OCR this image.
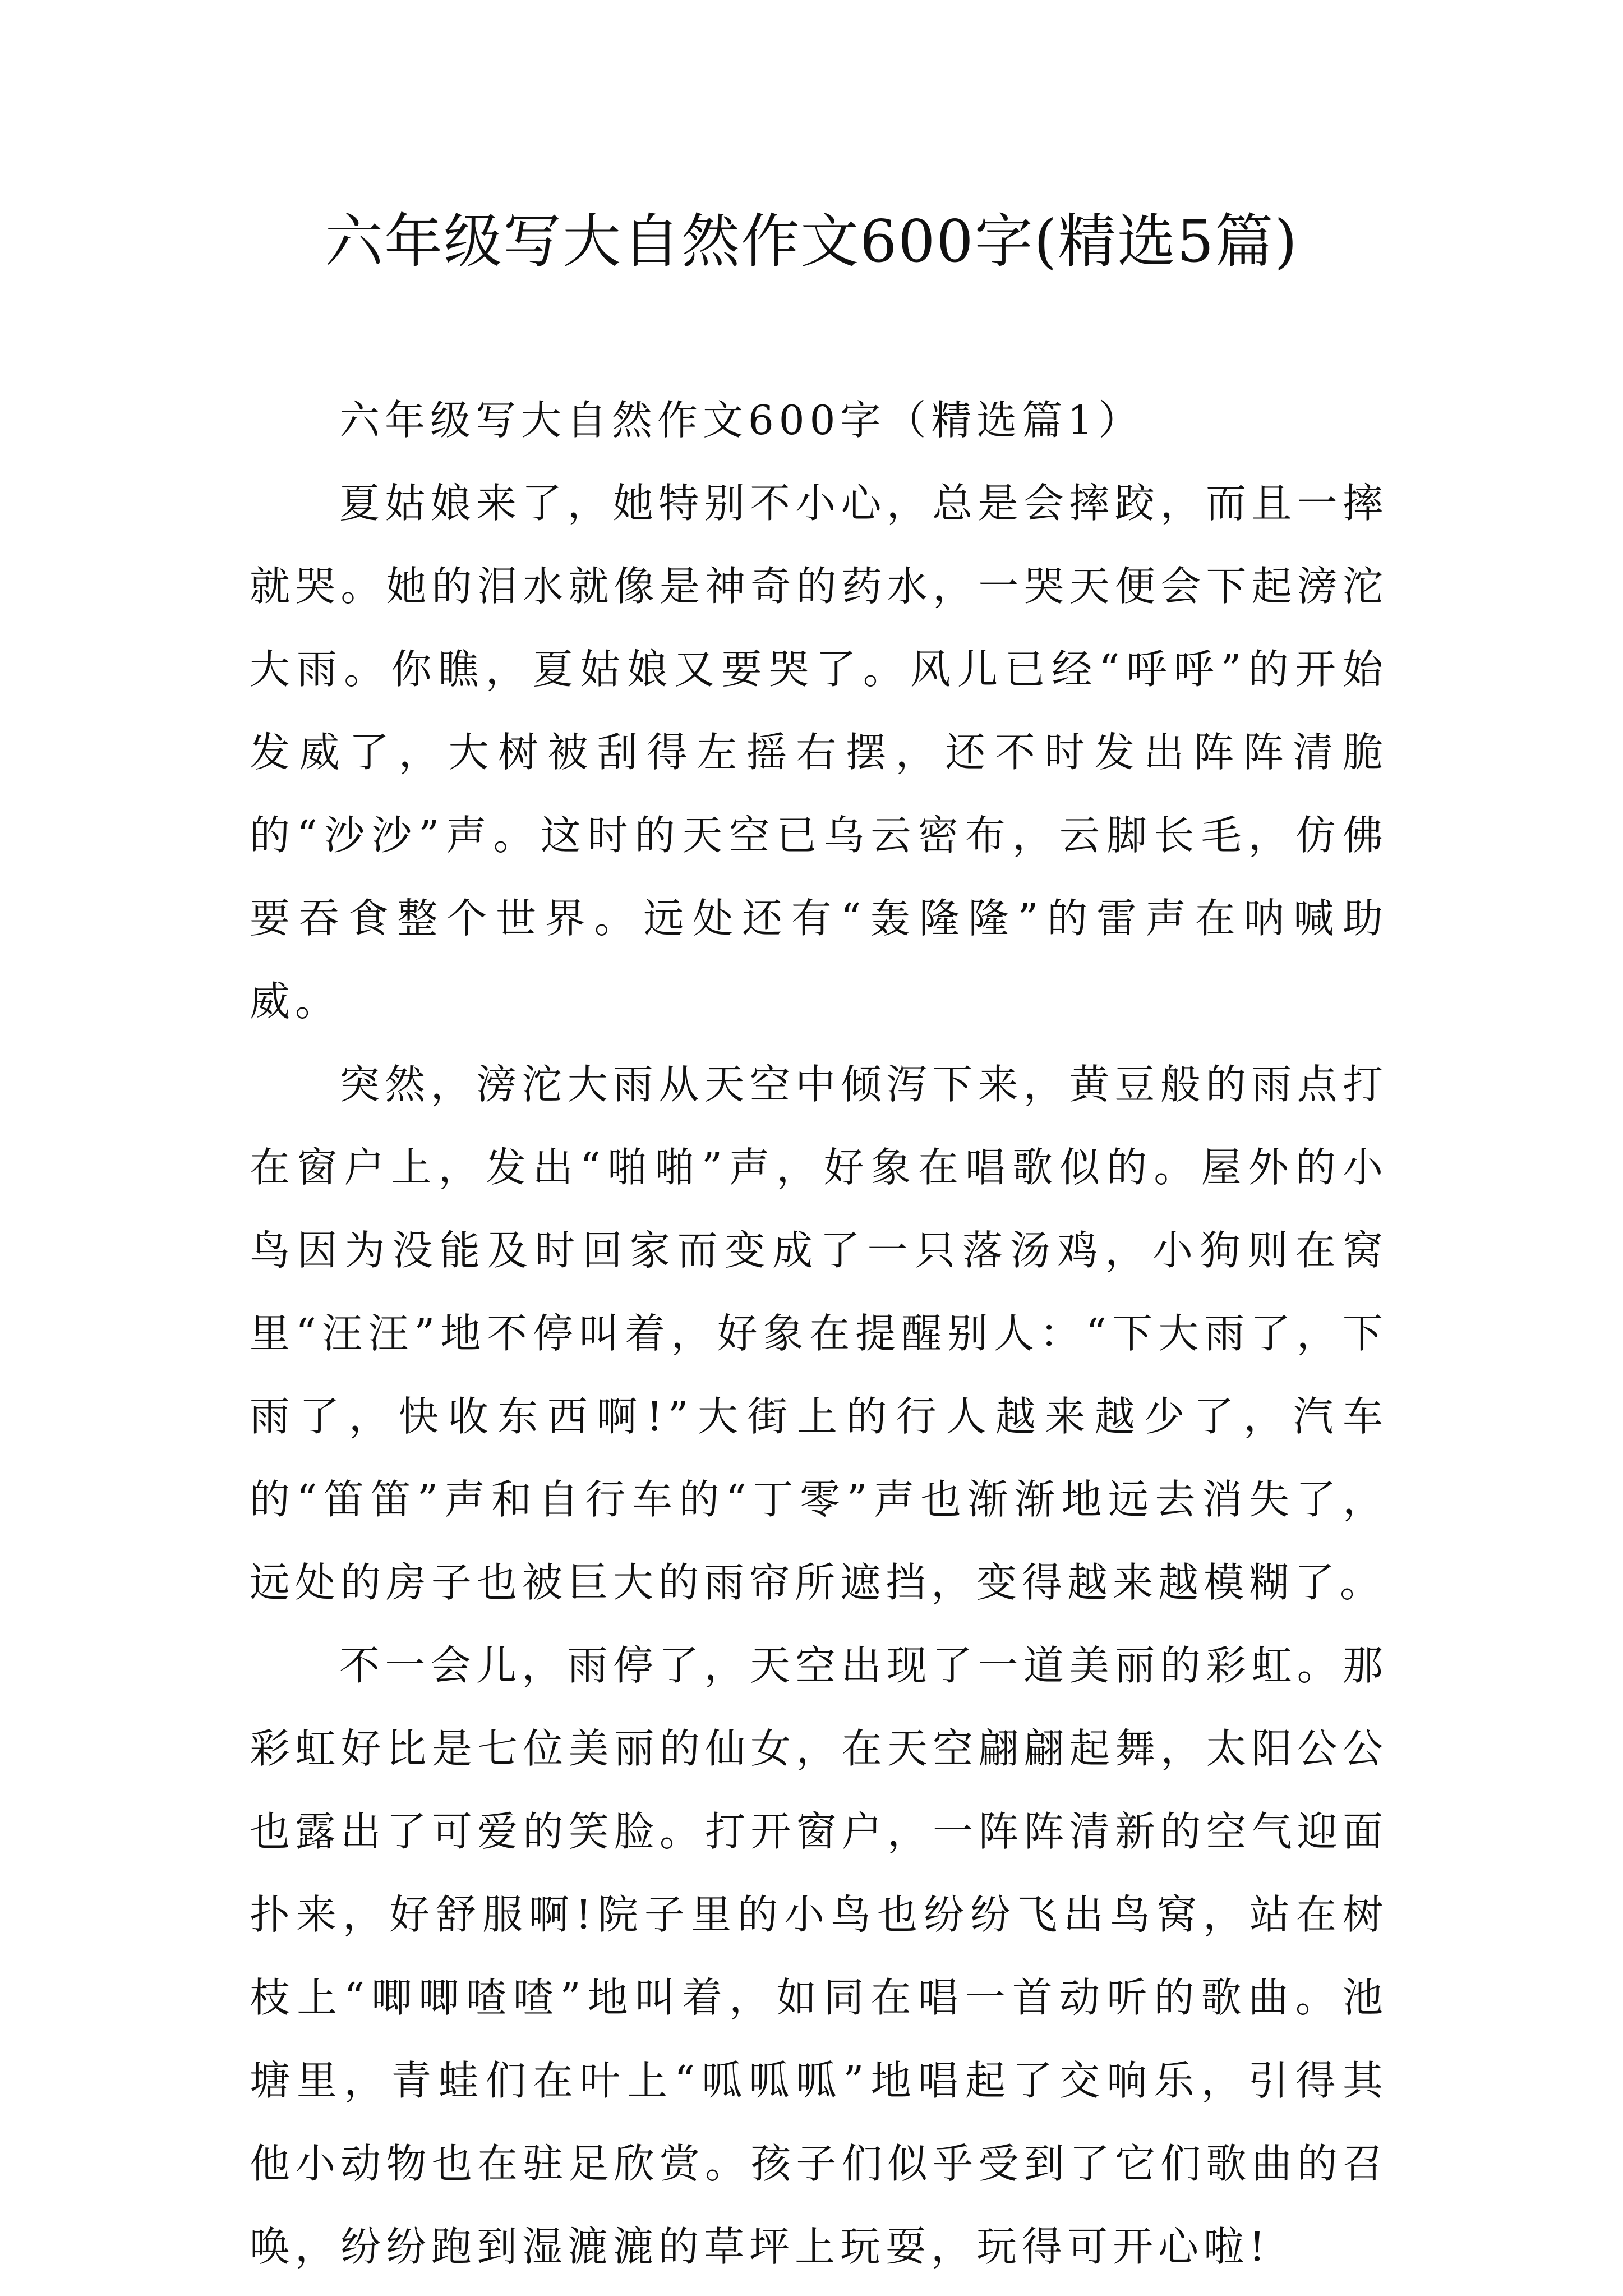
六年级写大自然作文600字(精选5篇)

六年级写大自然作文600字（精选篇1）

夏姑娘来了，她特别不小心，总是会摔跤，而且一摔就哭。她的泪水就像是神奇的药水，一哭天便会下起滂沱大雨。你瞧，夏姑娘又要哭了。风儿已经“呼呼”的开始发威了，大树被刮得左摇右摆，还不时发出阵阵清脆的“沙沙”声。这时的天空已乌云密布，云脚长毛，仿佛要吞食整个世界。远处还有“轰隆隆”的雷声在呐喊助威。

突然，滂沱大雨从天空中倾泻下来，黄豆般的雨点打在窗户上，发出“啪啪”声，好象在唱歌似的。屋外的小鸟因为没能及时回家而变成了一只落汤鸡，小狗则在窝里“汪汪”地不停叫着，好象在提醒别人：“下大雨了，下雨了，快收东西啊!”大街上的行人越来越少了，汽车的“笛笛”声和自行车的“丁零”声也渐渐地远去消失了，远处的房子也被巨大的雨帘所遮挡，变得越来越模糊了。

不一会儿，雨停了，天空出现了一道美丽的彩虹。那彩虹好比是七位美丽的仙女，在天空翩翩起舞，太阳公公也露出了可爱的笑脸。打开窗户，一阵阵清新的空气迎面扑来，好舒服啊!院子里的小鸟也纷纷飞出鸟窝，站在树枝上“唧唧喳喳”地叫着，如同在唱一首动听的歌曲。池塘里，青蛙们在叶上“呱呱呱”地唱起了交响乐，引得其他小动物也在驻足欣赏。孩子们似乎受到了它们歌曲的召唤，纷纷跑到湿漉漉的草坪上玩耍，玩得可开心啦!
